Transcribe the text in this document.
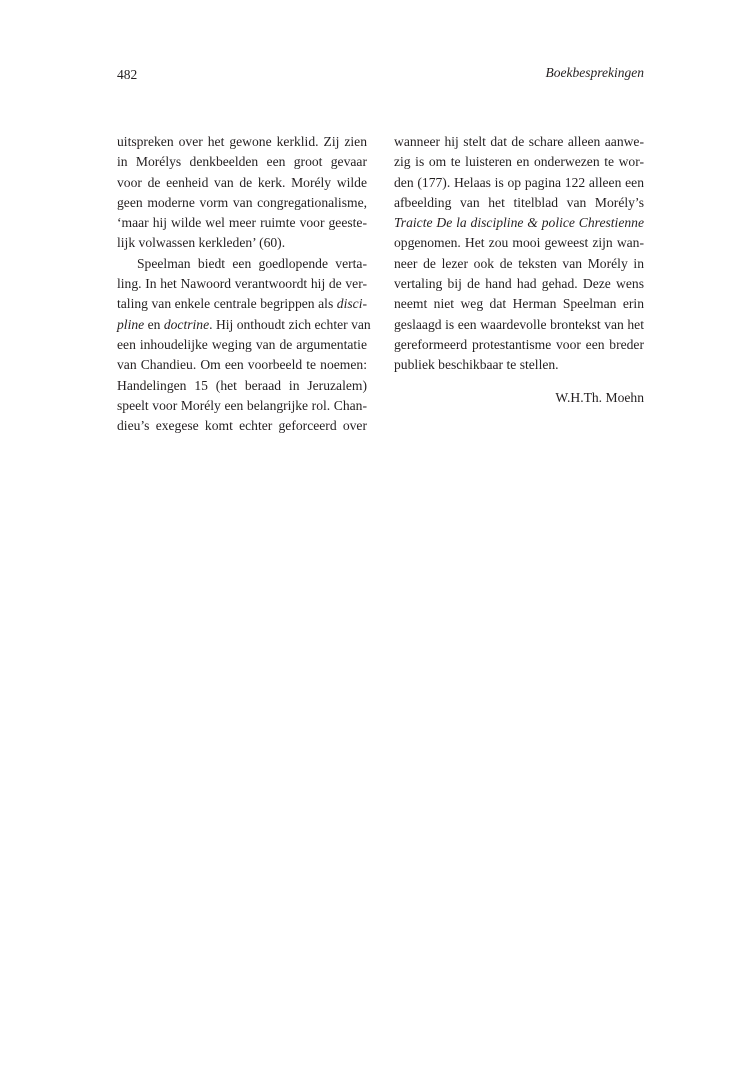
482	Boekbesprekingen
uitspreken over het gewone kerklid. Zij zien
in Morélys denkbeelden een groot gevaar
voor de eenheid van de kerk. Morély wilde
geen moderne vorm van congregationalisme,
‘maar hij wilde wel meer ruimte voor geeste-
lijk volwassen kerkleden’ (60).
Speelman biedt een goedlopende verta-
ling. In het Nawoord verantwoordt hij de ver-
taling van enkele centrale begrippen als disci-
pline en doctrine. Hij onthoudt zich echter van
een inhoudelijke weging van de argumentatie
van Chandieu. Om een voorbeeld te noemen:
Handelingen 15 (het beraad in Jeruzalem)
speelt voor Morély een belangrijke rol. Chan-
dieu’s exegese komt echter geforceerd over
wanneer hij stelt dat de schare alleen aanwe-
zig is om te luisteren en onderwezen te wor-
den (177). Helaas is op pagina 122 alleen een
afbeelding van het titelblad van Morély’s
Traicte De la discipline & police Chrestienne
opgenomen. Het zou mooi geweest zijn wan-
neer de lezer ook de teksten van Morély in
vertaling bij de hand had gehad. Deze wens
neemt niet weg dat Herman Speelman erin
geslaagd is een waardevolle brontekst van het
gereformeerd protestantisme voor een breder
publiek beschikbaar te stellen.
W.H.Th. Moehn
